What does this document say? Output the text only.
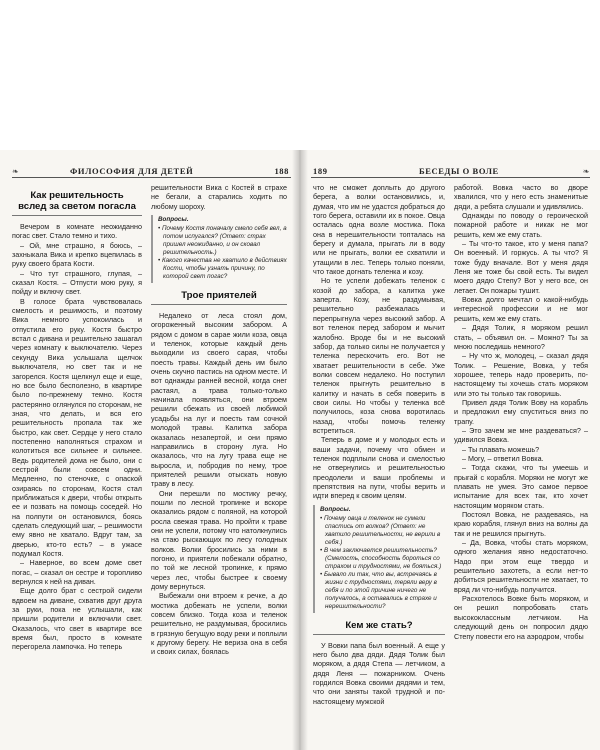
❧	ФИЛОСОФИЯ ДЛЯ ДЕТЕЙ	188
Как решительность
вслед за светом погасла

Вечером в комнате неожиданно погас свет. Стало темно и тихо.

– Ой, мне страшно, я боюсь, – захныкала Вика и крепко вцепилась в руку своего брата Кости.

– Что тут страшного, глупая, – сказал Костя. – Отпусти мою руку, я пойду и включу свет.

В голосе брата чувствовалась смелость и решимость, и поэтому Вика немного успокоилась и отпустила его руку. Костя быстро встал с дивана и решительно зашагал через комнату к выключателю. Через секунду Вика услышала щелчок выключателя, но свет так и не загорелся. Костя щелкнул еще и еще, но все было бесполезно, в квартире было по-прежнему темно. Костя растерянно оглянулся по сторонам, не зная, что делать, и вся его решительность пропала так же быстро, как свет. Сердце у него стало постепенно наполняться страхом и колотиться все сильнее и сильнее. Ведь родителей дома не было, они с сестрой были совсем одни. Медленно, по стеночке, с опаской озираясь по сторонам, Костя стал приближаться к двери, чтобы открыть ее и позвать на помощь соседей. Но на полпути он остановился, боясь сделать следующий шаг, – решимости ему явно не хватало. Вдруг там, за дверью, кто-то есть? – в ужасе подумал Костя.

– Наверное, во всем доме свет погас, – сказал он сестре и торопливо вернулся к ней на диван.

Еще долго брат с сестрой сидели вдвоем на диване, схватив друг друга за руки, пока не услышали, как пришли родители и включили свет. Оказалось, что свет в квартире все время был, просто в комнате перегорела лампочка. Но теперь

решительности Вика с Костей в страхе не бегали, а старались ходить по любому шороху.

Вопросы.
• Почему Костя поначалу смело себя вел, а потом испугался? (Ответ: страх пришел неожиданно, и он сковал решительность.)
• Какого качества не хватило в действиях Кости, чтобы узнать причину, по которой свет погас?
Трое приятелей

Недалеко от леса стоял дом, огороженный высоким забором. А рядом с домом в сарае жили коза, овца и теленок, которые каждый день выходили из своего сарая, чтобы поесть травы. Каждый день им было очень скучно пастись на одном месте. И вот однажды ранней весной, когда снег растаял, а трава только-только начинала появляться, они втроем решили сбежать из своей любимой усадьбы на луг и поесть там сочной молодой травы. Калитка забора оказалась незапертой, и они прямо направились в сторону луга. Но оказалось, что на лугу трава еще не выросла, и, побродив по нему, трое приятелей решили отыскать новую траву в лесу.

Они перешли по мостику речку, пошли по лесной тропинке и вскоре оказались рядом с поляной, на которой росла свежая трава. Но пройти к траве они не успели, потому что натолкнулись на стаю рыскающих по лесу голодных волков. Волки бросились за ними в погоню, и приятели побежали обратно, по той же лесной тропинке, к прямо через лес, чтобы быстрее к своему дому вернуться.

Выбежали они втроем к речке, а до мостика добежать не успели, волки совсем близко. Тогда коза и теленок решительно, не раздумывая, бросились в грязную бегущую воду реки и поплыли к другому берегу. Не вериза она в себя и своих силах, боялась

189	БЕСЕДЫ О ВОЛЕ	❧

что не сможет доплыть до другого берега, а волки остановились, и, думая, что им не удастся добраться до того берега, оставили их в покое. Овца осталась одна возле мостика. Пока она в нерешительности топталась на берегу и думала, прыгать ли в воду или не прыгать, волки ее схватили и утащили в лес. Теперь только поняли, что такое догнать теленка и козу.

Но те успели добежать теленок с козой до забора, а калитка уже заперта. Козу, не раздумывая, решительно разбежалась и перепрыгнула через высокий забор. А вот теленок перед забором и мычит жалобно. Вроде бы и не высокий забор, да только силы не получается у теленка перескочить его. Вот не хватает решительности в себе. Уже волки совсем недалеко. Но поступил теленок прыгнуть решительно в калитку и начать в себя поверить в свои силы. Но чтобы у теленка всё получилось, коза снова воротилась назад, чтобы помочь теленку встретиться.

Теперь в доме и у молодых есть и ваши задачи, почему что обмен и теленок подплыли снова и смелостью не отвернулись и решительностью преодолели и ваши проблемы и препятствия на пути, чтобы верить и идти вперед к своим целям.

Вопросы.
• Почему овца и теленок не сумели спастись от волков? (Ответ: не хватило решительности, не верили в себя.)
• В чем заключается решительность? (Смелость, способность бороться со страхом и трудностями, не бояться.)
• Бывало ли так, что вы, встречаясь в жизни с трудностями, теряли веру в себя и по этой причине ничего не получалось, а оставались в страхе и нерешительности?
Кем же стать?

У Вовки папа был военный. А еще у него было два дяди. Дядя Толик был моряком, а дядя Степа — летчиком, а дядя Леня — пожарником. Очень гордился Вовка своими дядями и тем, что они заняты такой трудной и по-настоящему мужской

работой. Вовка часто во дворе хвалился, что у него есть знаменитые дяди, а ребята слушали и удивлялись.

Однажды по поводу о героической пожарной работе и никак не мог решить, кем же ему стать.

– Ты что-то такое, кто у меня папа? Он военный. И горжусь. А ты что? Я тоже буду вначале. Вот у меня дядя Леня же тоже бы свой есть. Ты видел моего дядю Степу? Вот у него все, он летает. Он пожары тушит.

Вовка долго мечтал о какой-нибудь интересной профессии и не мог решить, кем же ему стать.

– Дядя Толик, я моряком решил стать, – объявил он. – Можно? Ты за мною последишь немного?

– Ну что ж, молодец, – сказал дядя Толик. – Решение, Вовка, у тебя хорошее, теперь надо проверить, по-настоящему ты хочешь стать моряком или это ты только так говоришь.

Привел дядя Толик Вову на корабль и предложил ему спуститься вниз по трапу.

– Это зачем же мне раздеваться? – удивился Вовка.

– Ты плавать можешь?

– Могу, – ответил Вовка.

– Тогда скажи, что ты умеешь и прыгай с корабля. Моряки не могут же плавать не умея. Это самое первое испытание для всех так, кто хочет настоящим моряком стать.

Постоял Вовка, не раздеваясь, на краю корабля, глянул вниз на волны да так и не решился прыгнуть.

– Да, Вовка, чтобы стать моряком, одного желания явно недостаточно. Надо при этом еще твердо и решительно захотеть, а если нет-то добиться решительности не хватает, то вряд ли что-нибудь получится.

Расхотелось Вовке быть моряком, и он решил попробовать стать высококлассным летчиком. На следующий день он попросил дядю Степу повести его на аэродром, чтобы
